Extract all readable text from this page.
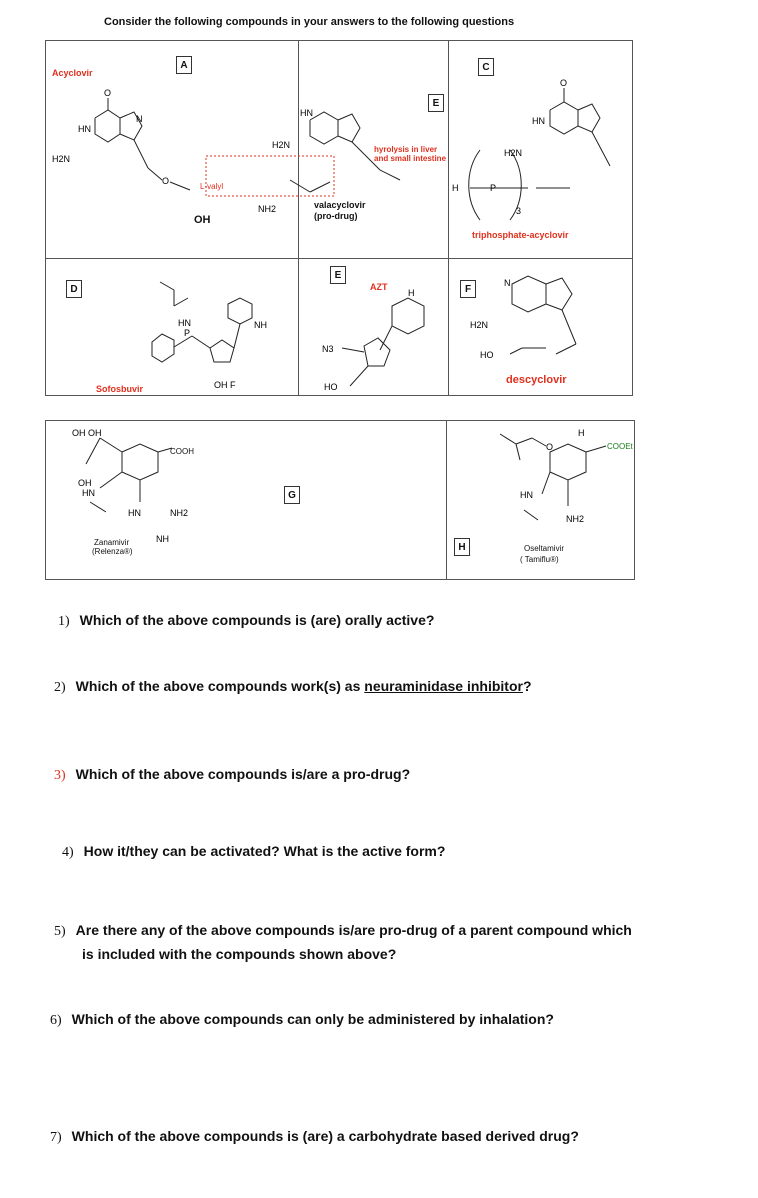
Consider the following compounds in your answers to the following questions
Acyclovir
A
O
HN
H2N
N
O
E
HN
H2N
NH2
L-valyl
hyrolysis in liver
and small intestine
valacyclovir
(pro-drug)
OH
C
O
HN
H2N
P
H
3
triphosphate-acyclovir
D
HN
P
NH
OH F
Sofosbuvir
E
AZT
H
N3
HO
F
H2N
HO
N
descyclovir
OH OH
OH
HN
HN	NH2
NH
COOH
Zanamivir
(Relenza®)
G
H
O
H
HN
NH2
COOEt
Oseltamivir
( Tamiflu®)
1) Which of the above compounds is (are) orally active?
2) Which of the above compounds work(s) as neuraminidase inhibitor?
3) Which of the above compounds is/are a pro-drug?
4) How it/they can be activated? What is the active form?
5) Are there any of the above compounds is/are pro-drug of a parent compound which
is included with the compounds shown above?
6) Which of the above compounds can only be administered by inhalation?
7) Which of the above compounds is (are) a carbohydrate based derived drug?
